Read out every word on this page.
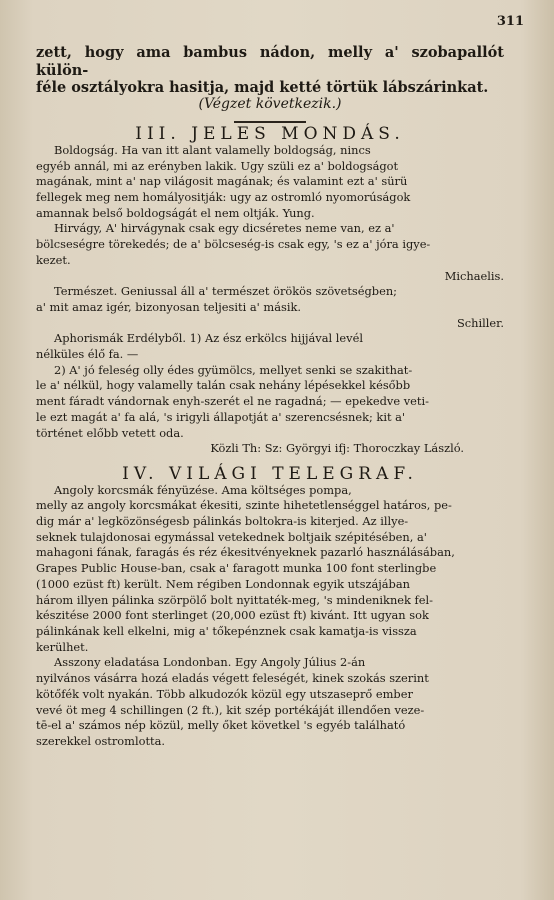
311

zett, hogy ama bambus nádon, melly a' szobapallót külön-

féle osztályokra hasitja, majd ketté törtük lábszárinkat.

(Végzet következik.)

III. JELES MONDÁS.

Boldogság. Ha van itt alant valamelly boldogság, nincs

egyéb annál, mi az erényben lakik. Ugy szüli ez a' boldogságot

magának, mint a' nap világosit magának; és valamint ezt a' sürü

fellegek meg nem homályositják: ugy az ostromló nyomorúságok

amannak belső boldogságát el nem oltják. Yung.

Hirvágy, A' hirvágynak csak egy dicséretes neme van, ez a'

bölcseségre törekedés; de a' bölcseség-is csak egy, 's ez a' jóra igye-

kezet.

Michaelis.

Természet. Geniussal áll a' természet örökös szövetségben;

a' mit amaz igér, bizonyosan teljesiti a' másik.

Schiller.

Aphorismák Erdélyből. 1) Az ész erkölcs hijjával levél

nélküles élő fa. —

2) A' jó feleség olly édes gyümölcs, mellyet senki se szakithat-

le a' nélkül, hogy valamelly talán csak nehány lépésekkel később

ment fáradt vándornak enyh-szerét el ne ragadná; — epekedve veti-

le ezt magát a' fa alá, 's irigyli állapotját a' szerencsésnek; kit a'

történet előbb vetett oda.

Közli Th: Sz: Györgyi ifj: Thoroczkay László.

IV. VILÁGI TELEGRAF.

Angoly korcsmák fényüzése. Ama költséges pompa,

melly az angoly korcsmákat ékesiti, szinte hihetetlenséggel határos, pe-

dig már a' legközönségesb pálinkás boltokra-is kiterjed. Az illye-

seknek tulajdonosai egymással vetekednek boltjaik szépitésében, a'

mahagoni fának, faragás és réz ékesitvényeknek pazarló használásában,

Grapes Public House-ban, csak a' faragott munka 100 font sterlingbe

(1000 ezüst ft) került. Nem régiben Londonnak egyik utszájában

három illyen pálinka szörpölő bolt nyittaték-meg, 's mindeniknek fel-

készitése 2000 font sterlinget (20,000 ezüst ft) kivánt. Itt ugyan sok

pálinkának kell elkelni, mig a' tőkepénznek csak kamatja-is vissza

kerülhet.

Asszony eladatása Londonban. Egy Angoly Július 2-án

nyilvános vásárra hozá eladás végett feleségét, kinek szokás szerint

kötőfék volt nyakán. Több alkudozók közül egy utszaseprő ember

vevé öt meg 4 schillingen (2 ft.), kit szép portékáját illendően veze-

tē-el a' számos nép közül, melly őket követkel 's egyéb található

szerekkel ostromlotta.
